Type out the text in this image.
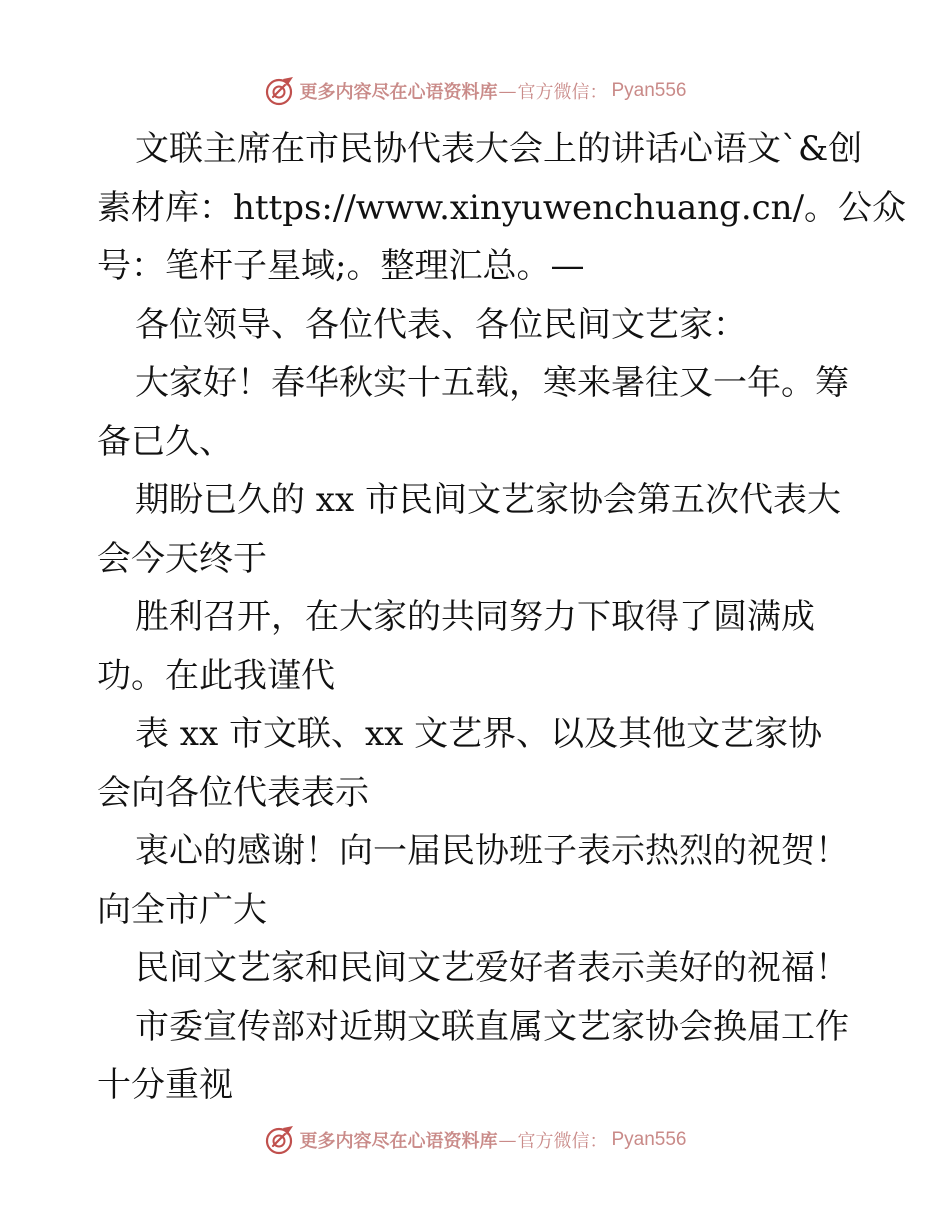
更多内容尽在心语资料库 — 官方微信： Pyan556

文联主席在市民协代表大会上的讲话心语文`&创

素材库：https://www.xinyuwenchuang.cn/。公众

号：笔杆子星域;。整理汇总。—

各位领导、各位代表、各位民间文艺家：

大家好！春华秋实十五载，寒来暑往又一年。筹

备已久、

期盼已久的 xx 市民间文艺家协会第五次代表大

会今天终于

胜利召开，在大家的共同努力下取得了圆满成

功。在此我谨代

表 xx 市文联、xx 文艺界、以及其他文艺家协

会向各位代表表示

衷心的感谢！向一届民协班子表示热烈的祝贺！

向全市广大

民间文艺家和民间文艺爱好者表示美好的祝福！

市委宣传部对近期文联直属文艺家协会换届工作

十分重视

更多内容尽在心语资料库 — 官方微信： Pyan556
